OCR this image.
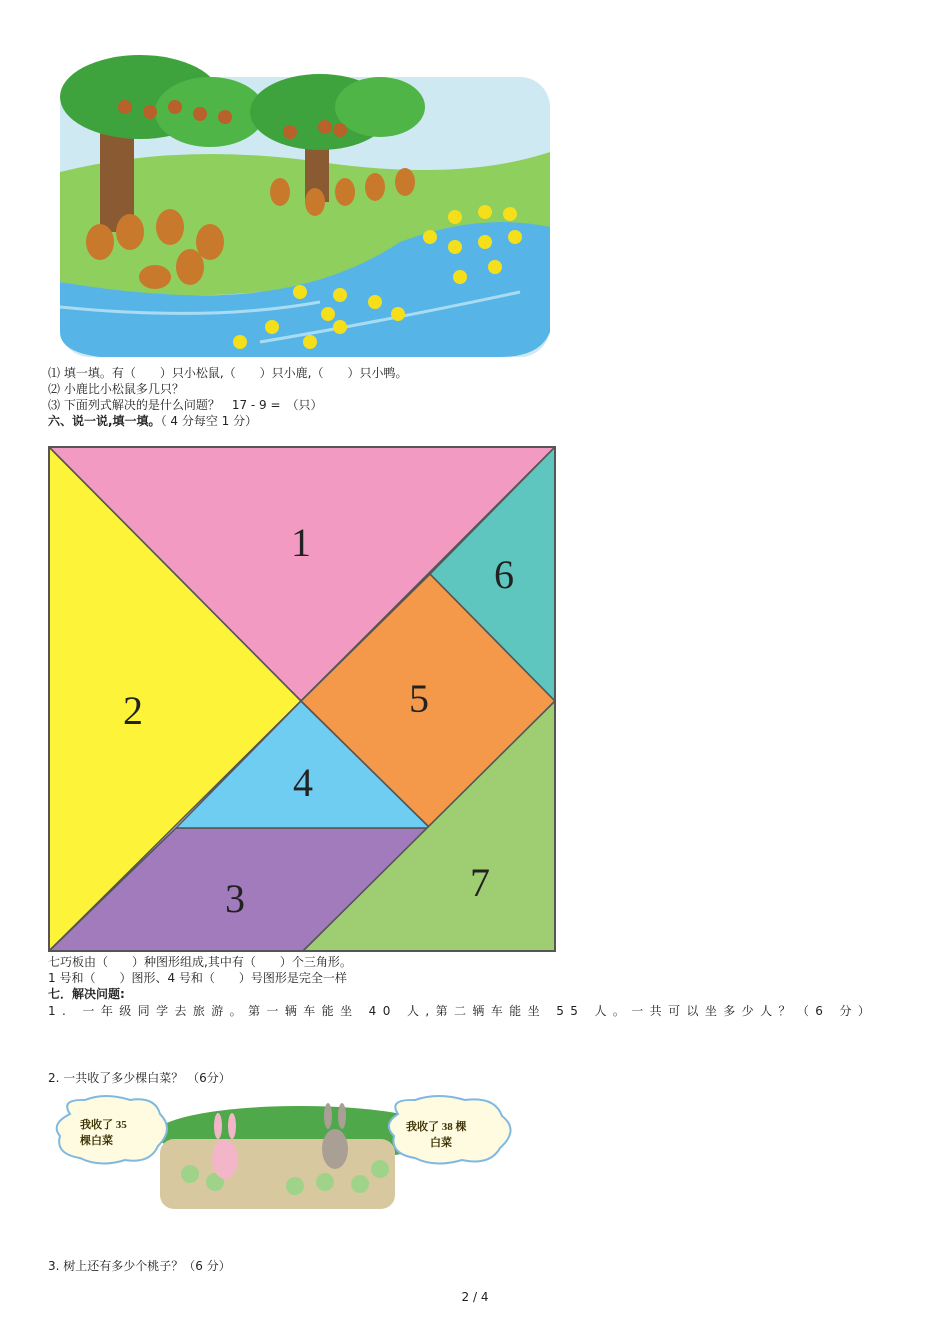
⑴ 填一填。有（　　）只小松鼠,（　　）只小鹿,（　　）只小鸭。
⑵ 小鹿比小松鼠多几只？
⑶ 下面列式解决的是什么问题？　17 - 9 =　（只）
六、说一说,填一填。（ 4 分每空 1 分）
1
2
3
4
5
6
7
七巧板由（　　）种图形组成,其中有（　　）个三角形。
1 号和（　　）图形、4 号和（　　）号图形是完全一样
七．解决问题:
1. 一年级同学去旅游。第一辆车能坐 40 人,第二辆车能坐 55 人。一共可以坐多少人？（6 分）
2. 一共收了多少棵白菜？ （6分）
我收了 35
棵白菜
我收了 38 棵
白菜
3. 树上还有多少个桃子？（6 分）
2 / 4
